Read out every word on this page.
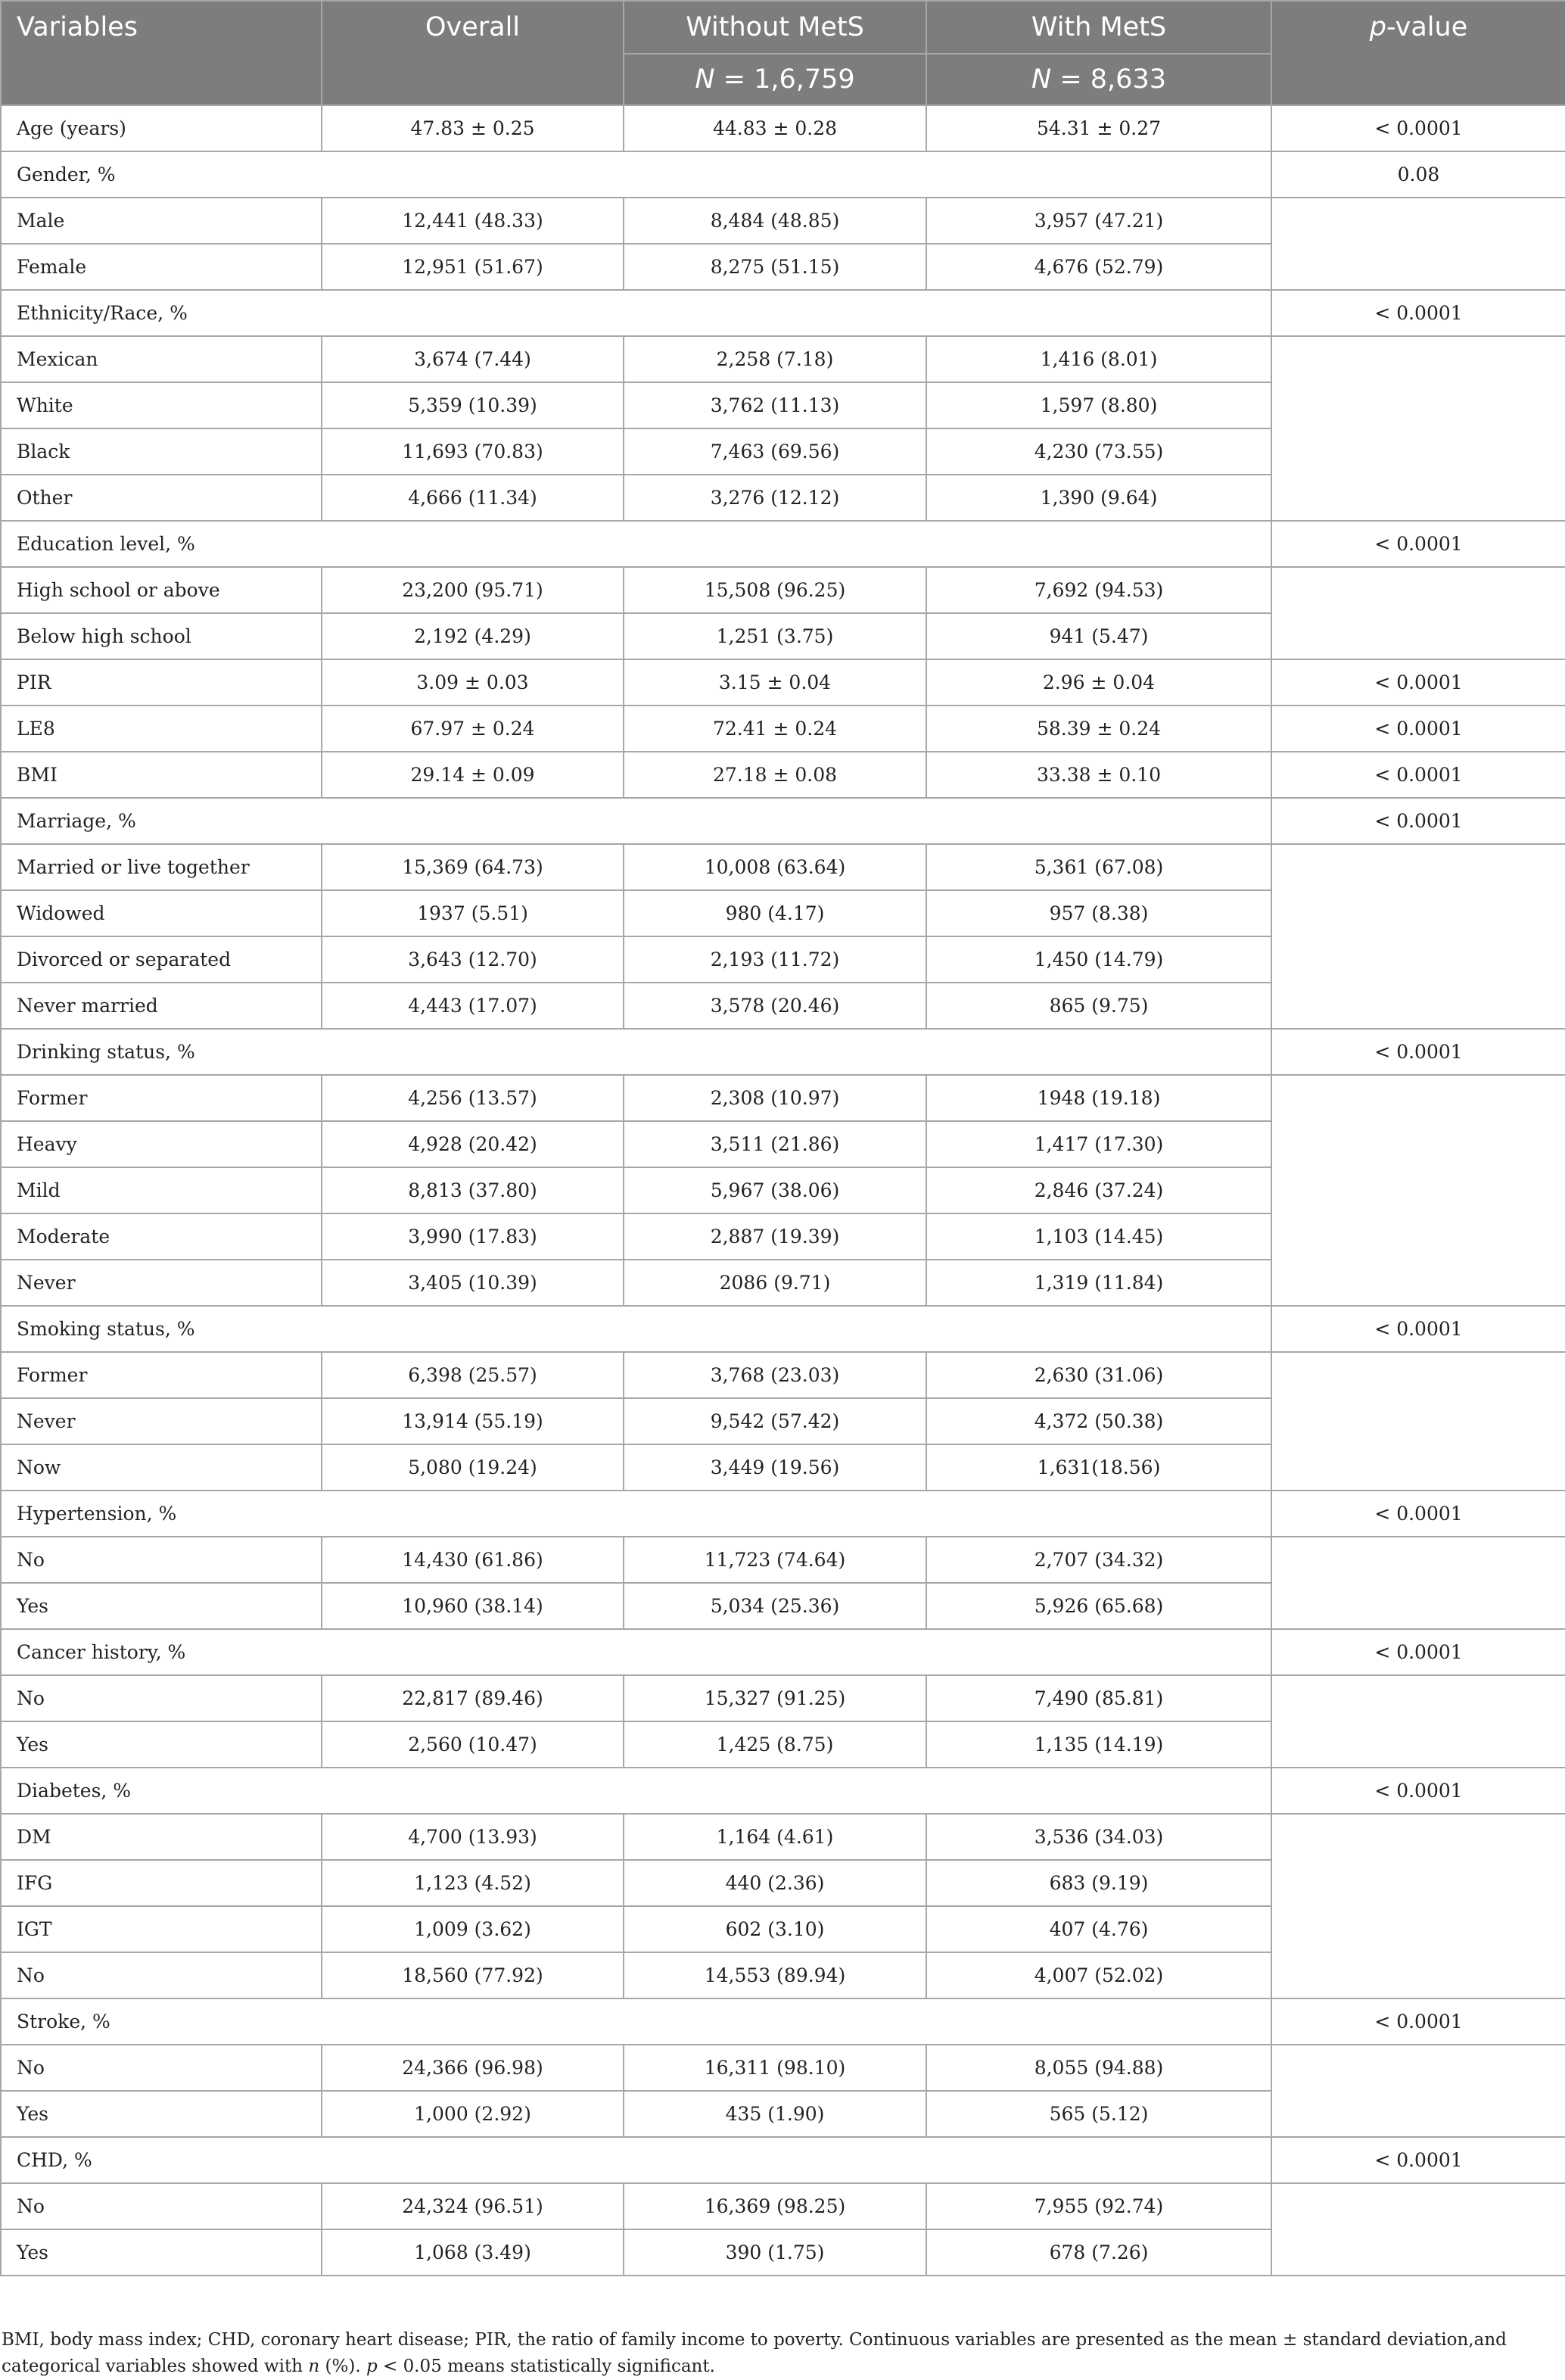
Variables	Overall	Without MetS	With MetS	p-value
		N = 1,6,759	N = 8,633	
Age (years)	47.83 ± 0.25	44.83 ± 0.28	54.31 ± 0.27	< 0.0001
Gender, %				0.08
Male	12,441 (48.33)	8,484 (48.85)	3,957 (47.21)	
Female	12,951 (51.67)	8,275 (51.15)	4,676 (52.79)	
Ethnicity/Race, %				< 0.0001
Mexican	3,674 (7.44)	2,258 (7.18)	1,416 (8.01)	
White	5,359 (10.39)	3,762 (11.13)	1,597 (8.80)	
Black	11,693 (70.83)	7,463 (69.56)	4,230 (73.55)	
Other	4,666 (11.34)	3,276 (12.12)	1,390 (9.64)	
Education level, %				< 0.0001
High school or above	23,200 (95.71)	15,508 (96.25)	7,692 (94.53)	
Below high school	2,192 (4.29)	1,251 (3.75)	941 (5.47)	
PIR	3.09 ± 0.03	3.15 ± 0.04	2.96 ± 0.04	< 0.0001
LE8	67.97 ± 0.24	72.41 ± 0.24	58.39 ± 0.24	< 0.0001
BMI	29.14 ± 0.09	27.18 ± 0.08	33.38 ± 0.10	< 0.0001
Marriage, %				< 0.0001
Married or live together	15,369 (64.73)	10,008 (63.64)	5,361 (67.08)	
Widowed	1937 (5.51)	980 (4.17)	957 (8.38)	
Divorced or separated	3,643 (12.70)	2,193 (11.72)	1,450 (14.79)	
Never married	4,443 (17.07)	3,578 (20.46)	865 (9.75)	
Drinking status, %				< 0.0001
Former	4,256 (13.57)	2,308 (10.97)	1948 (19.18)	
Heavy	4,928 (20.42)	3,511 (21.86)	1,417 (17.30)	
Mild	8,813 (37.80)	5,967 (38.06)	2,846 (37.24)	
Moderate	3,990 (17.83)	2,887 (19.39)	1,103 (14.45)	
Never	3,405 (10.39)	2086 (9.71)	1,319 (11.84)	
Smoking status, %				< 0.0001
Former	6,398 (25.57)	3,768 (23.03)	2,630 (31.06)	
Never	13,914 (55.19)	9,542 (57.42)	4,372 (50.38)	
Now	5,080 (19.24)	3,449 (19.56)	1,631(18.56)	
Hypertension, %				< 0.0001
No	14,430 (61.86)	11,723 (74.64)	2,707 (34.32)	
Yes	10,960 (38.14)	5,034 (25.36)	5,926 (65.68)	
Cancer history, %				< 0.0001
No	22,817 (89.46)	15,327 (91.25)	7,490 (85.81)	
Yes	2,560 (10.47)	1,425 (8.75)	1,135 (14.19)	
Diabetes, %				< 0.0001
DM	4,700 (13.93)	1,164 (4.61)	3,536 (34.03)	
IFG	1,123 (4.52)	440 (2.36)	683 (9.19)	
IGT	1,009 (3.62)	602 (3.10)	407 (4.76)	
No	18,560 (77.92)	14,553 (89.94)	4,007 (52.02)	
Stroke, %				< 0.0001
No	24,366 (96.98)	16,311 (98.10)	8,055 (94.88)	
Yes	1,000 (2.92)	435 (1.90)	565 (5.12)	
CHD, %				< 0.0001
No	24,324 (96.51)	16,369 (98.25)	7,955 (92.74)	
Yes	1,068 (3.49)	390 (1.75)	678 (7.26)	
BMI, body mass index; CHD, coronary heart disease; PIR, the ratio of family income to poverty. Continuous variables are presented as the mean ± standard deviation,and categorical variables showed with n (%). p < 0.05 means statistically significant.
